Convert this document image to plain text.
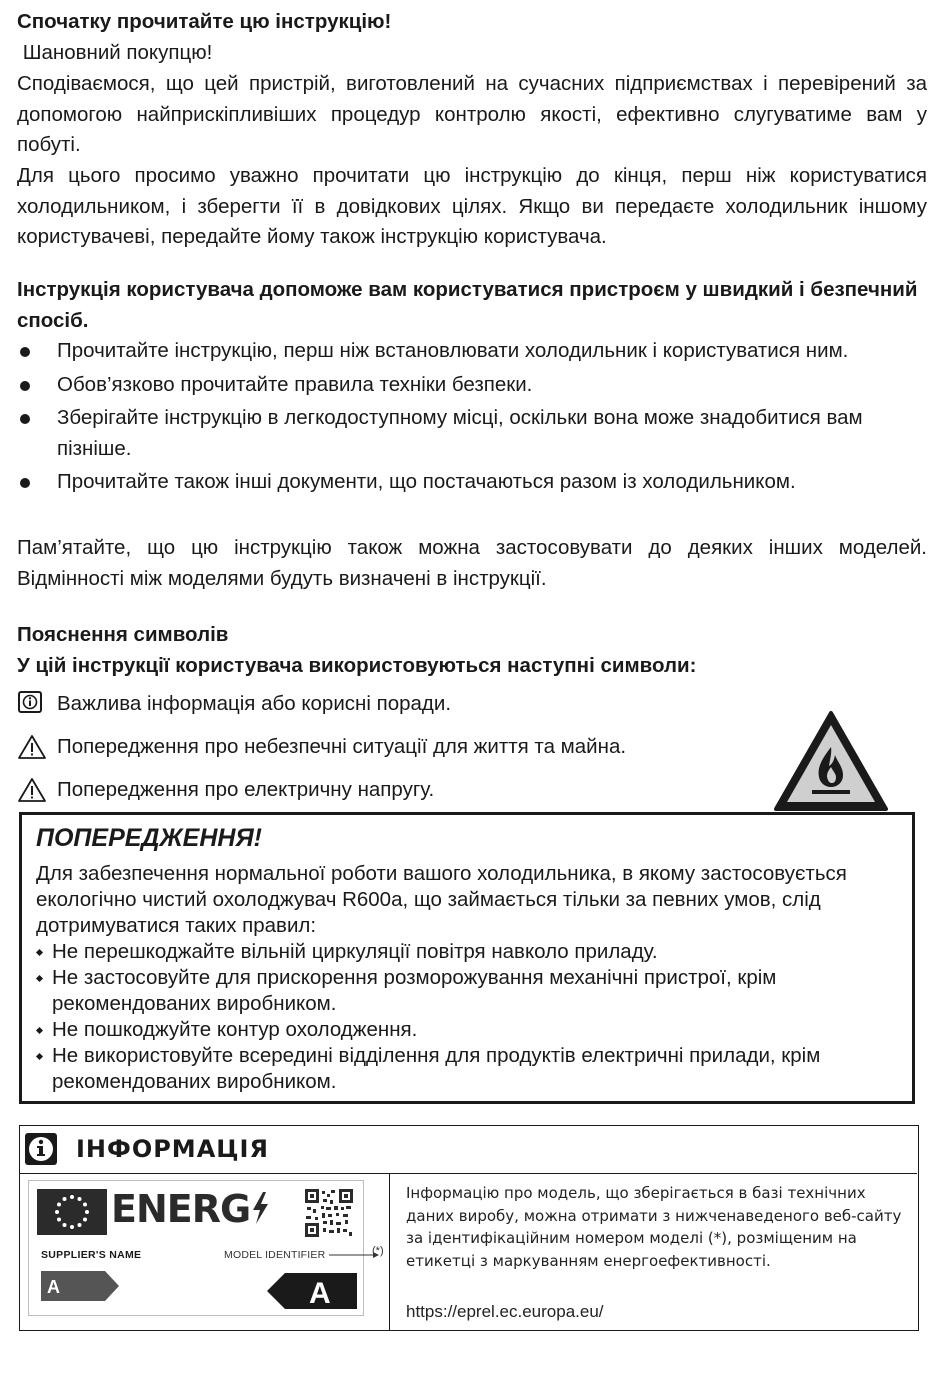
Спочатку прочитайте цю інструкцію!

Шановний покупцю!

Сподіваємося, що цей пристрій, виготовлений на сучасних підприємствах і перевірений за допомогою найприскіпливіших процедур контролю якості, ефективно слугуватиме вам у побуті.

Для цього просимо уважно прочитати цю інструкцію до кінця, перш ніж користуватися холодильником, і зберегти її в довідкових цілях. Якщо ви передаєте холодильник іншому користувачеві, передайте йому також інструкцію користувача.

Інструкція користувача допоможе вам користуватися пристроєм у швидкий і безпечний спосіб.

Прочитайте інструкцію, перш ніж встановлювати холодильник і користуватися ним.
Обов’язково прочитайте правила техніки безпеки.
Зберігайте інструкцію в легкодоступному місці, оскільки вона може знадобитися вам пізніше.
Прочитайте також інші документи, що постачаються разом із холодильником.

Пам’ятайте, що цю інструкцію також можна застосовувати до деяких інших моделей. Відмінності між моделями будуть визначені в інструкції.

Пояснення символів

У цій інструкції користувача використовуються наступні символи:

Важлива інформація або корисні поради.
Попередження про небезпечні ситуації для життя та майна.
Попередження про електричну напругу.

ПОПЕРЕДЖЕННЯ!

Для забезпечення нормальної роботи вашого холодильника, в якому застосовується екологічно чистий охолоджувач R600a, що займається тільки за певних умов, слід дотримуватися таких правил:

Не перешкоджайте вільній циркуляції повітря навколо приладу.
Не застосовуйте для прискорення розморожування механічні пристрої, крім рекомендованих виробником.
Не пошкоджуйте контур охолодження.
Не використовуйте всередині відділення для продуктів електричні прилади, крім рекомендованих виробником.
ІНФОРМАЦІЯ
ENERG
SUPPLIER'S NAME	MODEL IDENTIFIER
A	A
(*)

Інформацію про модель, що зберігається в базі технічних даних виробу, можна отримати з нижченаведеного веб-сайту за ідентифікаційним номером моделі (*), розміщеним на етикетці з маркуванням енергоефективності.

https://eprel.ec.europa.eu/
